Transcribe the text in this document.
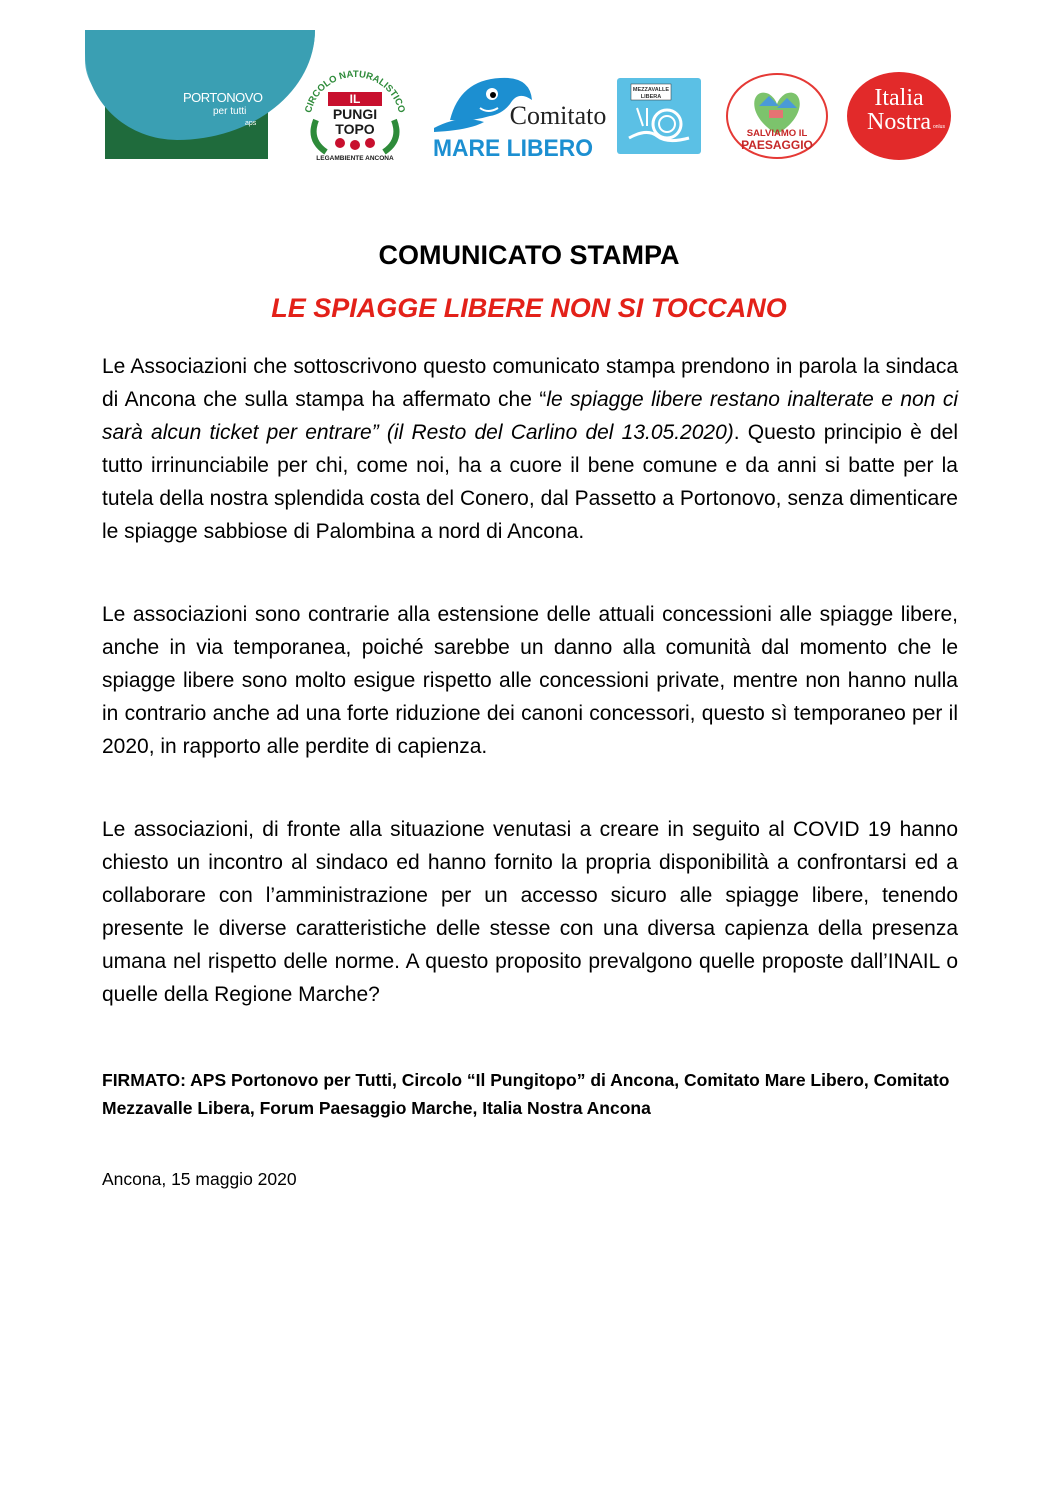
PORTONOVO
per tutti
aps
CIRCOLO NATURALISTICO
IL
PUNGI
TOPO
LEGAMBIENTE ANCONA
Comitato
MARE LIBERO
MEZZAVALLE
LIBERA
SALVIAMO IL
PAESAGGIO
Italia
Nostra onlus
COMUNICATO STAMPA
LE SPIAGGE LIBERE NON SI TOCCANO

Le Associazioni che sottoscrivono questo comunicato stampa prendono in parola la sindaca di Ancona che sulla stampa ha affermato che “le spiagge libere restano inalterate e non ci sarà alcun ticket per entrare” (il Resto del Carlino del 13.05.2020). Questo principio è del tutto irrinunciabile per chi, come noi, ha a cuore il bene comune e da anni si batte per la tutela della nostra splendida costa del Conero, dal Passetto a Portonovo, senza dimenticare le spiagge sabbiose di Palombina a nord di Ancona.

Le associazioni sono contrarie alla estensione delle attuali concessioni alle spiagge libere, anche in via temporanea, poiché sarebbe un danno alla comunità dal momento che le spiagge libere sono molto esigue rispetto alle concessioni private, mentre non hanno nulla in contrario anche ad una forte riduzione dei canoni concessori, questo sì temporaneo per il 2020, in rapporto alle perdite di capienza.

Le associazioni, di fronte alla situazione venutasi a creare in seguito al COVID 19 hanno chiesto un incontro al sindaco ed hanno fornito la propria disponibilità a confrontarsi ed a collaborare con l’amministrazione per un accesso sicuro alle spiagge libere, tenendo presente le diverse caratteristiche delle stesse con una diversa capienza della presenza umana nel rispetto delle norme. A questo proposito prevalgono quelle proposte dall’INAIL o quelle della Regione Marche?

FIRMATO: APS Portonovo per Tutti, Circolo “Il Pungitopo” di Ancona, Comitato Mare Libero, Comitato Mezzavalle Libera, Forum Paesaggio Marche, Italia Nostra Ancona

Ancona, 15 maggio 2020
